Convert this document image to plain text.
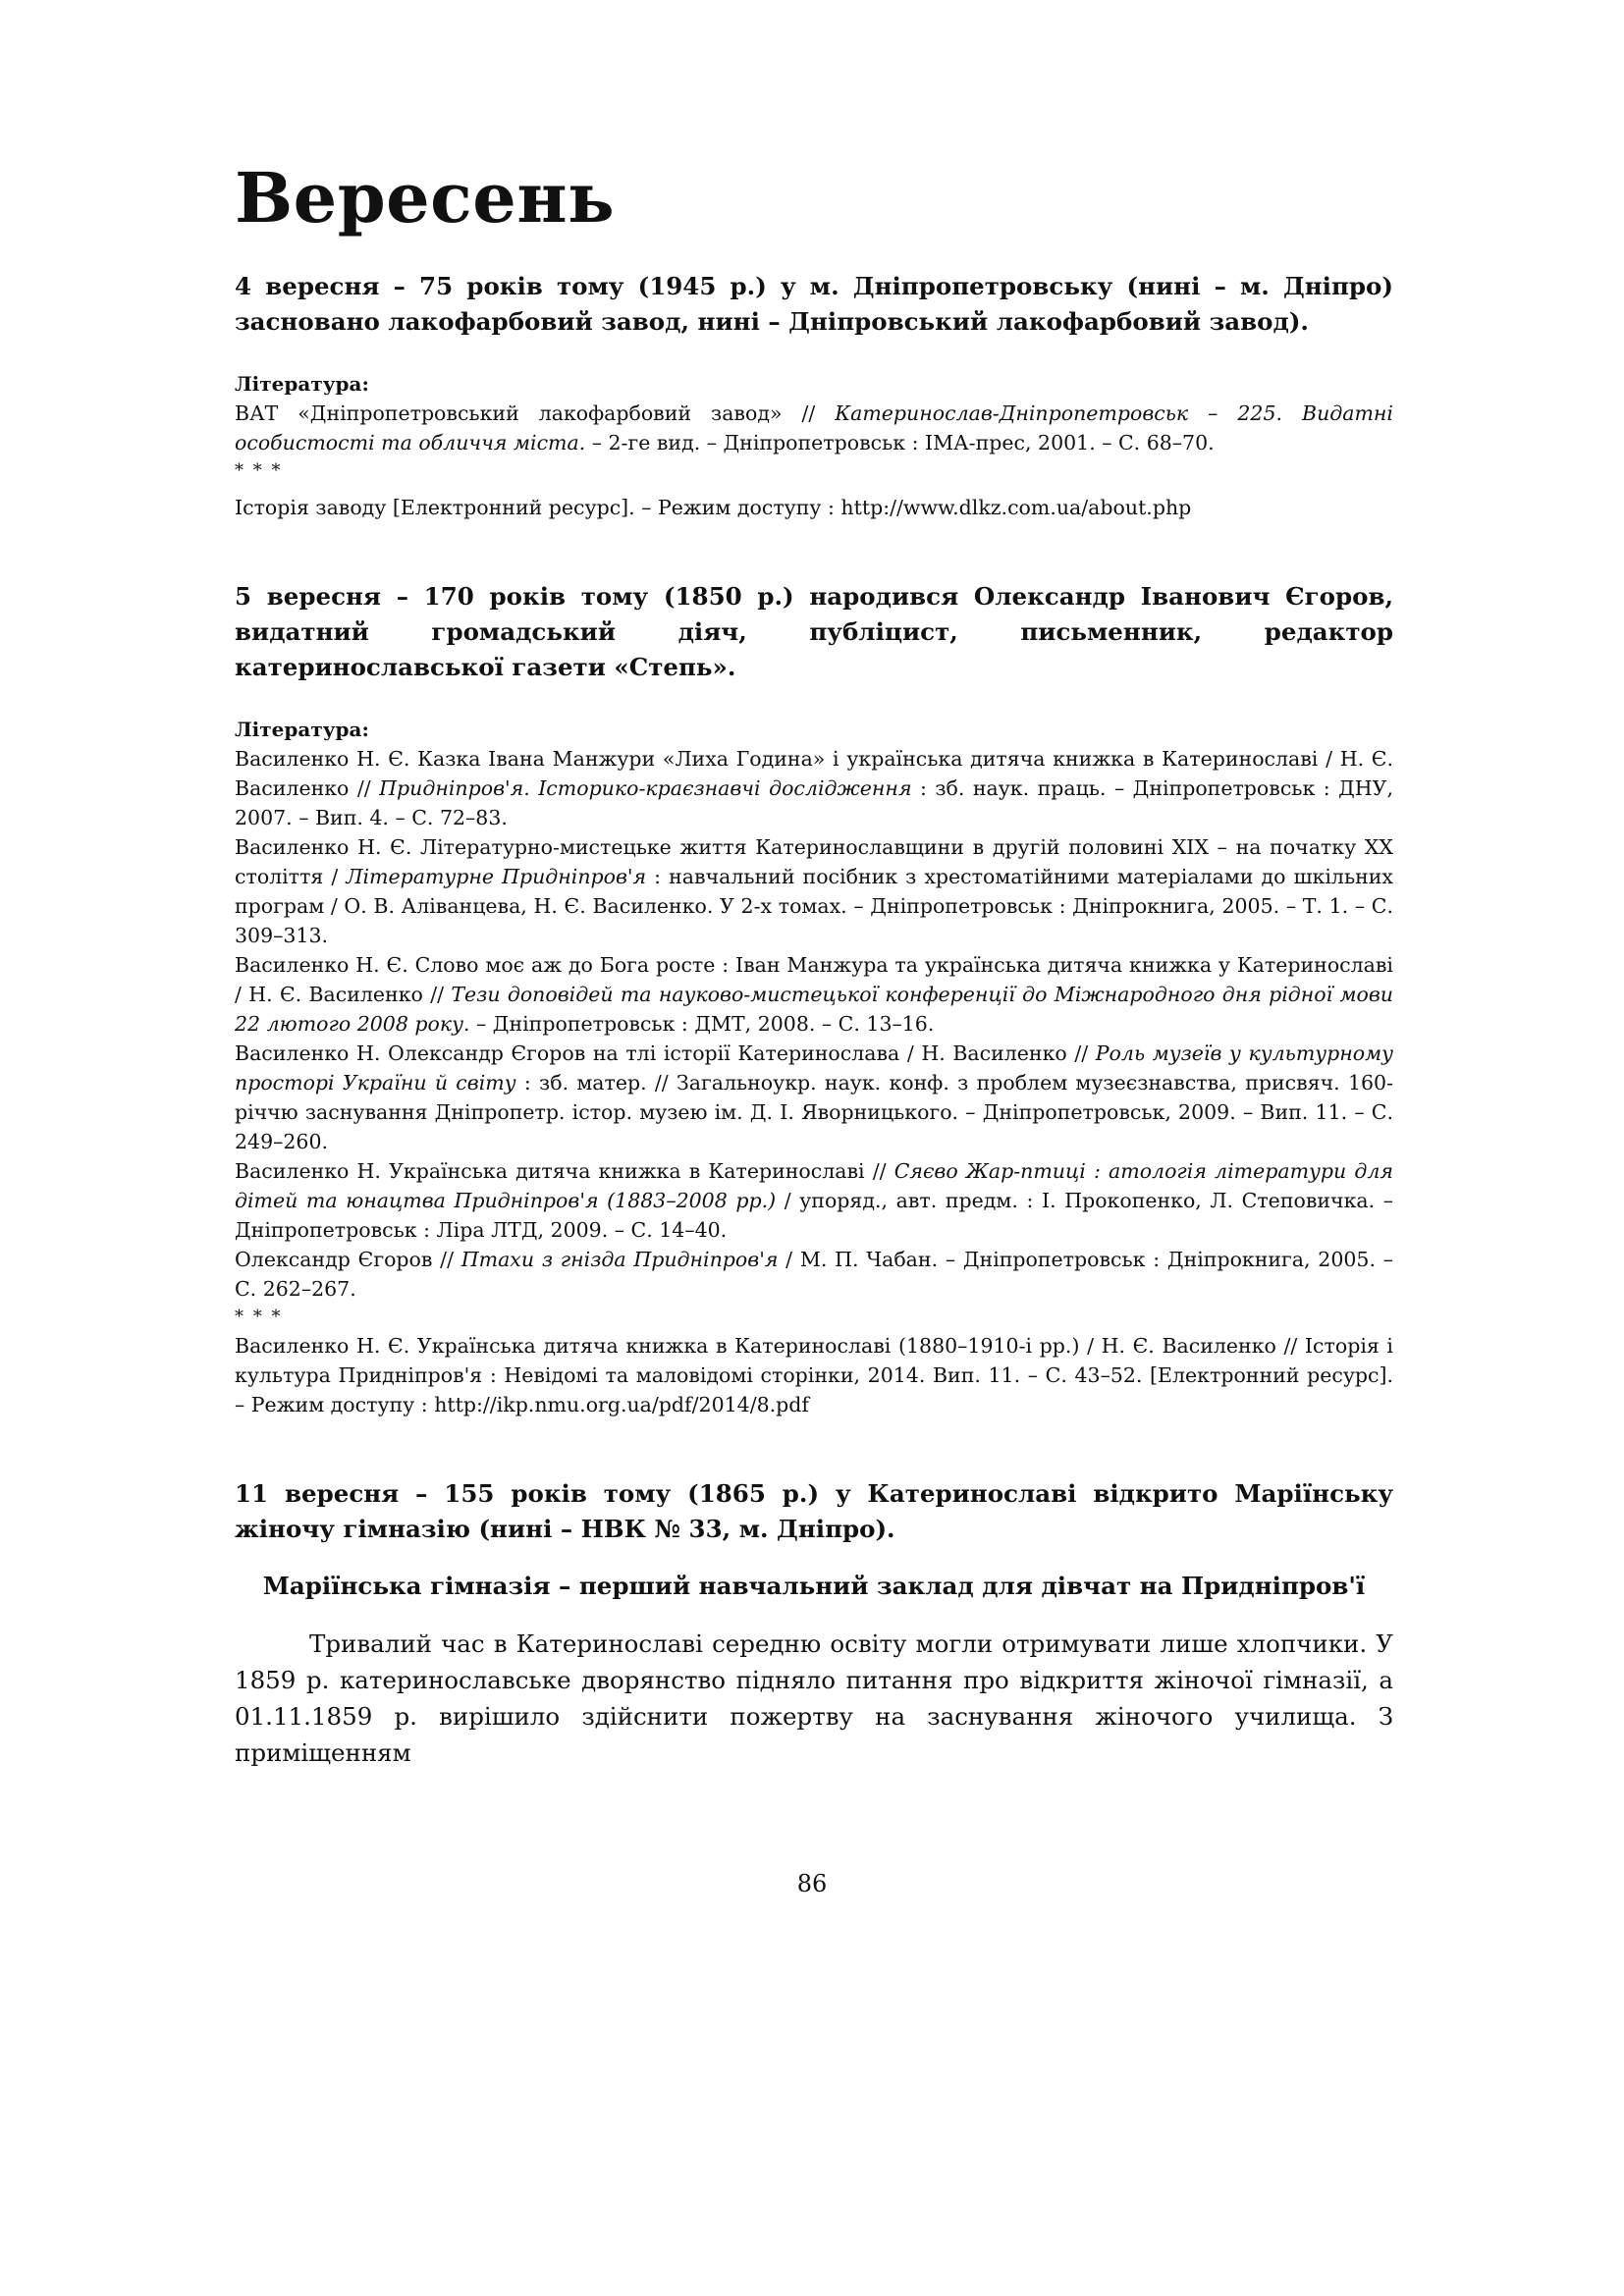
Вересень

4 вересня – 75 років тому (1945 р.) у м. Дніпропетровську (нині – м. Дніпро) засновано лакофарбовий завод, нині – Дніпровський лакофарбовий завод).

Література:

ВАТ «Дніпропетровський лакофарбовий завод» // Катеринослав-Дніпропетровськ – 225. Видатні особистості та обличчя міста. – 2-ге вид. – Дніпропетровськ : ІМА-прес, 2001. – С. 68–70.

* * *

Історія заводу [Електронний ресурс]. – Режим доступу : http://www.dlkz.com.ua/about.php

5 вересня – 170 років тому (1850 р.) народився Олександр Іванович Єгоров, видатний громадський діяч, публіцист, письменник, редактор катеринославської газети «Степь».

Література:

Василенко Н. Є. Казка Івана Манжури «Лиха Година» і українська дитяча книжка в Катеринославі / Н. Є. Василенко // Придніпров'я. Історико-краєзнавчі дослідження : зб. наук. праць. – Дніпропетровськ : ДНУ, 2007. – Вип. 4. – С. 72–83.

Василенко Н. Є. Літературно-мистецьке життя Катеринославщини в другій половині ХІХ – на початку ХХ століття / Літературне Придніпров'я : навчальний посібник з хрестоматійними матеріалами до шкільних програм / О. В. Аліванцева, Н. Є. Василенко. У 2-х томах. – Дніпропетровськ : Дніпрокнига, 2005. – Т. 1. – С. 309–313.

Василенко Н. Є. Слово моє аж до Бога росте : Іван Манжура та українська дитяча книжка у Катеринославі / Н. Є. Василенко // Тези доповідей та науково-мистецької конференції до Міжнародного дня рідної мови 22 лютого 2008 року. – Дніпропетровськ : ДМТ, 2008. – С. 13–16.

Василенко Н. Олександр Єгоров на тлі історії Катеринослава / Н. Василенко // Роль музеїв у культурному просторі України й світу : зб. матер. // Загальноукр. наук. конф. з проблем музеєзнавства, присвяч. 160-річчю заснування Дніпропетр. істор. музею ім. Д. І. Яворницького. – Дніпропетровськ, 2009. – Вип. 11. – С. 249–260.

Василенко Н. Українська дитяча книжка в Катеринославі // Сяєво Жар-птиці : атологія літератури для дітей та юнацтва Придніпров'я (1883–2008 рр.) / упоряд., авт. предм. : І. Прокопенко, Л. Степовичка. – Дніпропетровськ : Ліра ЛТД, 2009. – С. 14–40.

Олександр Єгоров // Птахи з гнізда Придніпров'я / М. П. Чабан. – Дніпропетровськ : Дніпрокнига, 2005. – С. 262–267.

* * *

Василенко Н. Є. Українська дитяча книжка в Катеринославі (1880–1910-і рр.) / Н. Є. Василенко // Історія і культура Придніпров'я : Невідомі та маловідомі сторінки, 2014. Вип. 11. – С. 43–52. [Електронний ресурс]. – Режим доступу : http://ikp.nmu.org.ua/pdf/2014/8.pdf

11 вересня – 155 років тому (1865 р.) у Катеринославі відкрито Маріїнську жіночу гімназію (нині – НВК № 33, м. Дніпро).

Маріїнська гімназія – перший навчальний заклад для дівчат на Придніпров'ї

Тривалий час в Катеринославі середню освіту могли отримувати лише хлопчики. У 1859 р. катеринославське дворянство підняло питання про відкриття жіночої гімназії, а 01.11.1859 р. вирішило здійснити пожертву на заснування жіночого училища. З приміщенням

86
